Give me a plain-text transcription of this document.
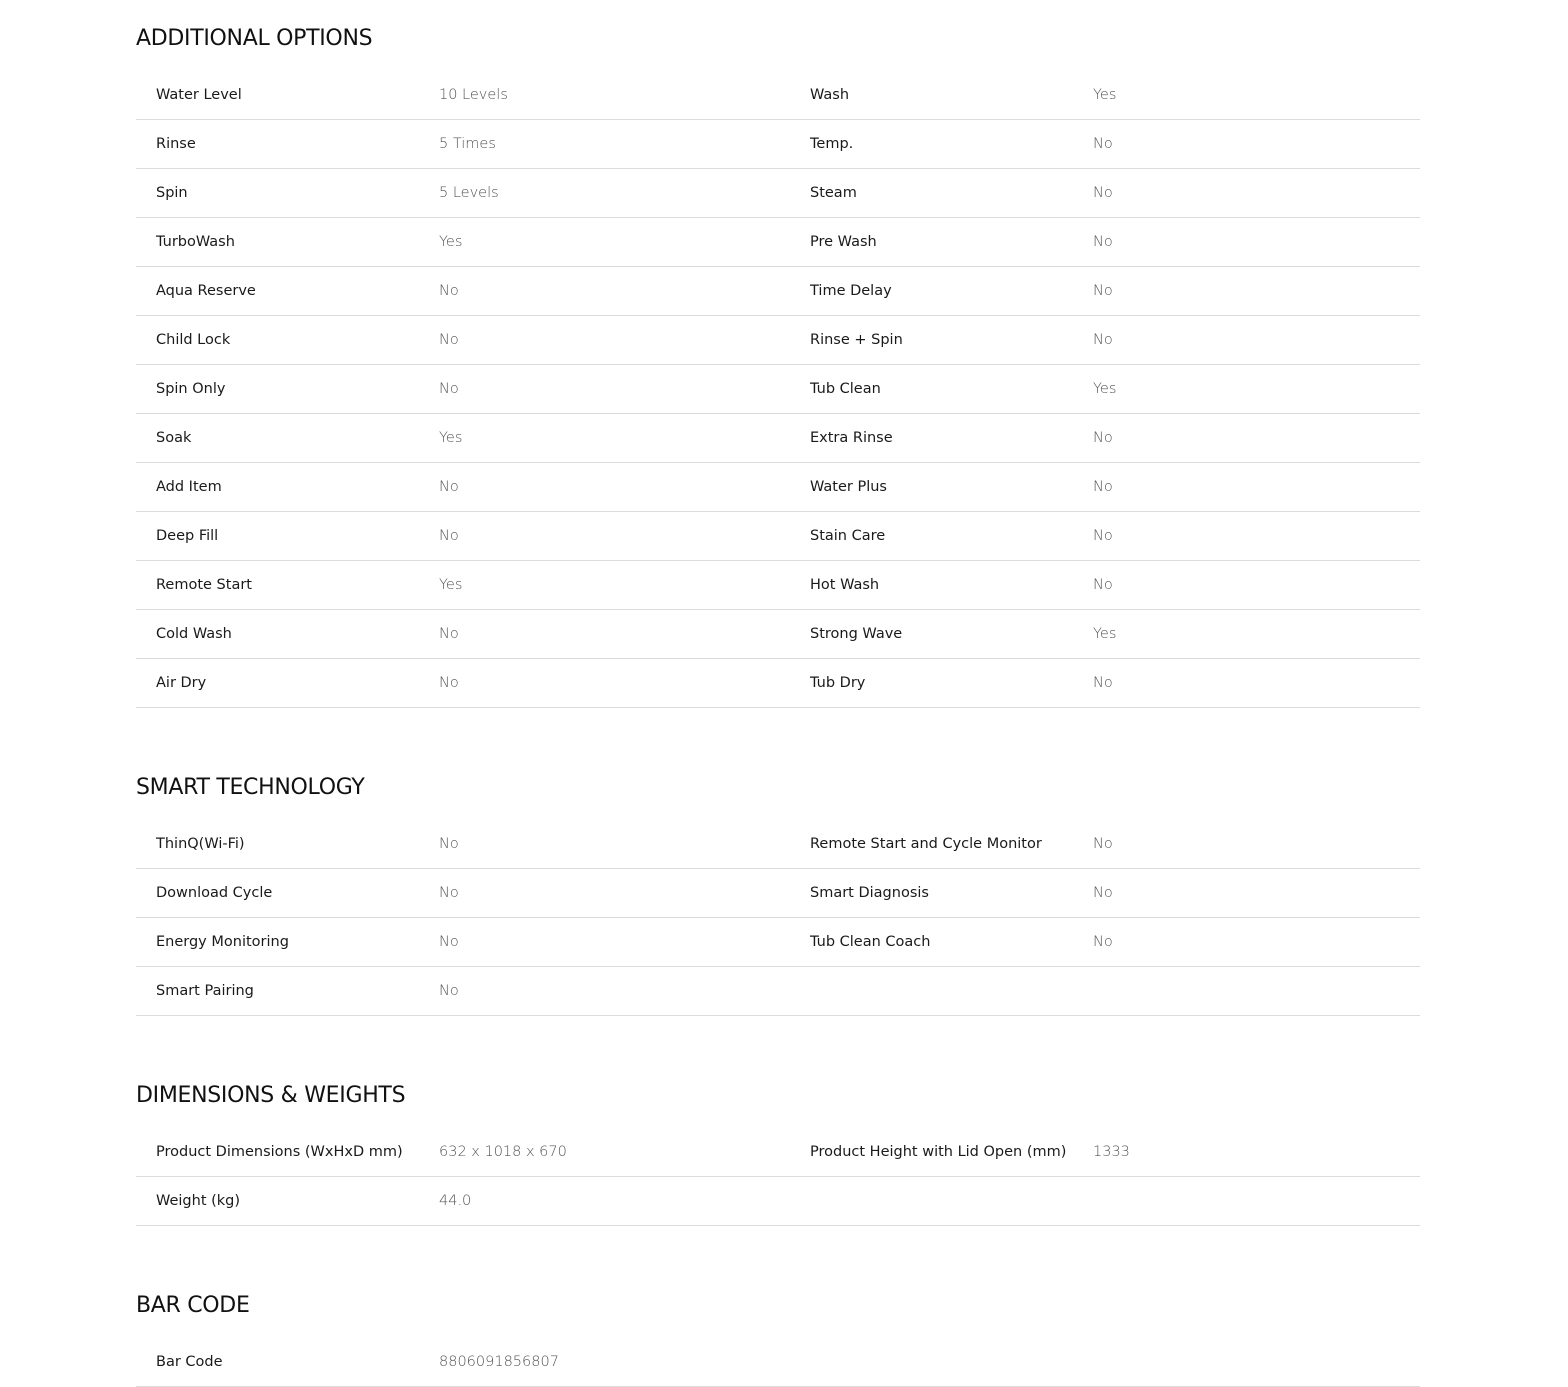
ADDITIONAL OPTIONS
Water Level	10 Levels	Wash	Yes
Rinse	5 Times	Temp.	No
Spin	5 Levels	Steam	No
TurboWash	Yes	Pre Wash	No
Aqua Reserve	No	Time Delay	No
Child Lock	No	Rinse + Spin	No
Spin Only	No	Tub Clean	Yes
Soak	Yes	Extra Rinse	No
Add Item	No	Water Plus	No
Deep Fill	No	Stain Care	No
Remote Start	Yes	Hot Wash	No
Cold Wash	No	Strong Wave	Yes
Air Dry	No	Tub Dry	No
SMART TECHNOLOGY
ThinQ(Wi-Fi)	No	Remote Start and Cycle Monitor	No
Download Cycle	No	Smart Diagnosis	No
Energy Monitoring	No	Tub Clean Coach	No
Smart Pairing	No
DIMENSIONS & WEIGHTS
Product Dimensions (WxHxD mm)	632 x 1018 x 670	Product Height with Lid Open (mm)	1333
Weight (kg)	44.0
BAR CODE
Bar Code	8806091856807
